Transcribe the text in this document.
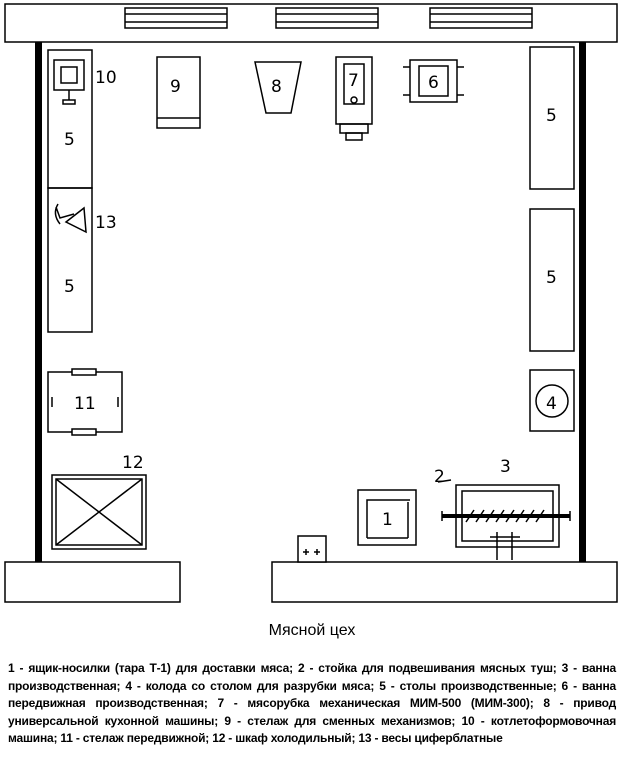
10
5
13
5
9	8	7	6
5
5
4
11
12
2	3
1
Мясной цех
1 - ящик-носилки (тара Т-1) для доставки мяса; 2 - стойка для подвешивания мясных туш; 3 - ванна производственная; 4 - колода со столом для разрубки мяса; 5 - столы производственные; 6 - ванна передвижная производственная; 7 - мясорубка механическая МИМ-500 (МИМ-300); 8 - привод универсальной кухонной машины; 9 - стелаж для сменных механизмов; 10 - котлетоформовочная машина; 11 - стелаж передвижной; 12 - шкаф холодильный; 13 - весы циферблатные
